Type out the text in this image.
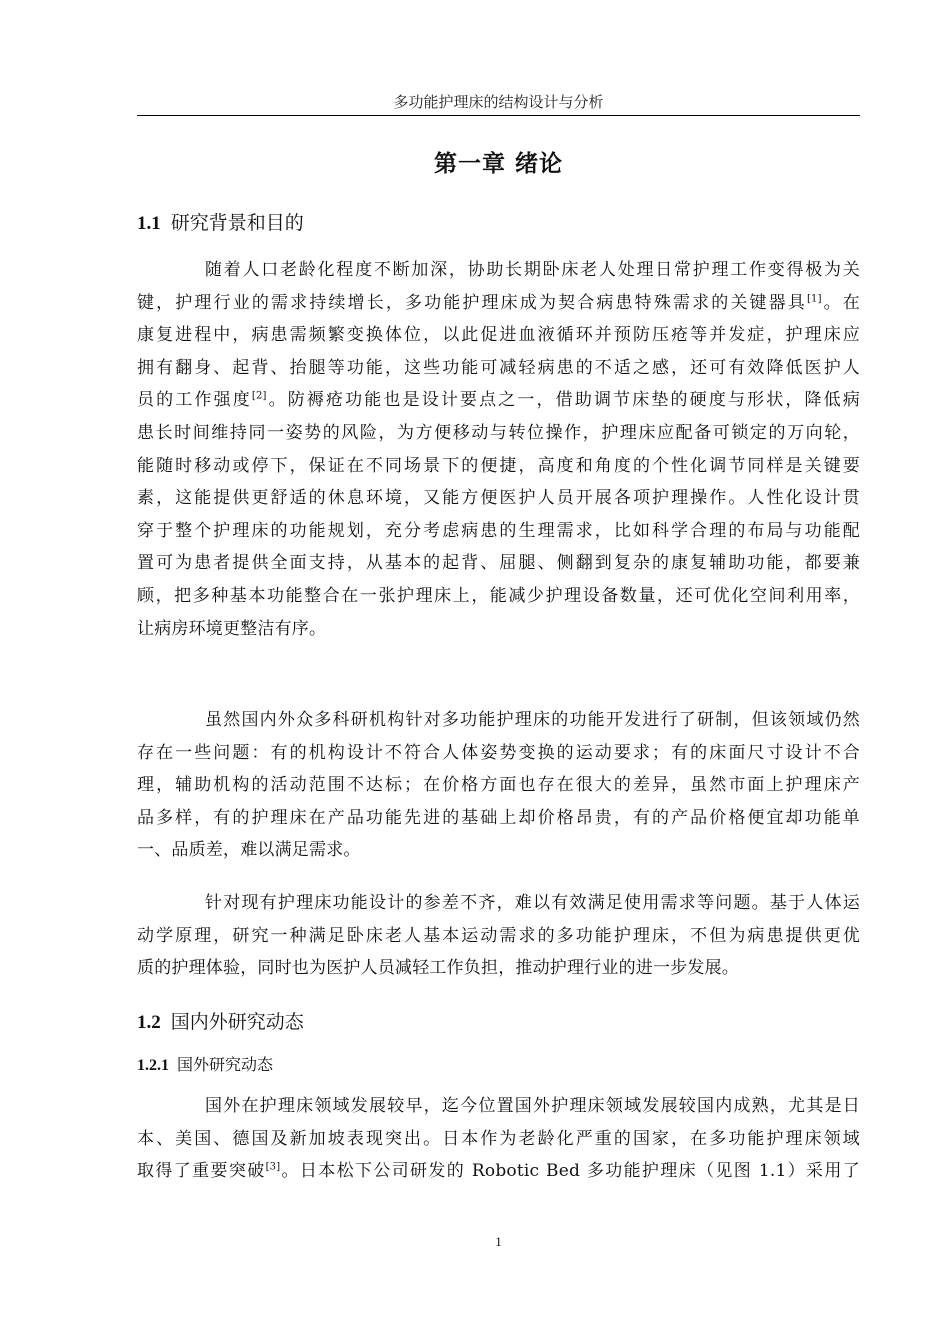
多功能护理床的结构设计与分析
第一章 绪论
1.1 研究背景和目的
随着人口老龄化程度不断加深，协助长期卧床老人处理日常护理工作变得极为关
键，护理行业的需求持续增长，多功能护理床成为契合病患特殊需求的关键器具[1]。在
康复进程中，病患需频繁变换体位，以此促进血液循环并预防压疮等并发症，护理床应
拥有翻身、起背、抬腿等功能，这些功能可减轻病患的不适之感，还可有效降低医护人
员的工作强度[2]。防褥疮功能也是设计要点之一，借助调节床垫的硬度与形状，降低病
患长时间维持同一姿势的风险，为方便移动与转位操作，护理床应配备可锁定的万向轮，
能随时移动或停下，保证在不同场景下的便捷，高度和角度的个性化调节同样是关键要
素，这能提供更舒适的休息环境，又能方便医护人员开展各项护理操作。人性化设计贯
穿于整个护理床的功能规划，充分考虑病患的生理需求，比如科学合理的布局与功能配
置可为患者提供全面支持，从基本的起背、屈腿、侧翻到复杂的康复辅助功能，都要兼
顾，把多种基本功能整合在一张护理床上，能减少护理设备数量，还可优化空间利用率，
让病房环境更整洁有序。
虽然国内外众多科研机构针对多功能护理床的功能开发进行了研制，但该领域仍然
存在一些问题：有的机构设计不符合人体姿势变换的运动要求；有的床面尺寸设计不合
理，辅助机构的活动范围不达标；在价格方面也存在很大的差异，虽然市面上护理床产
品多样，有的护理床在产品功能先进的基础上却价格昂贵，有的产品价格便宜却功能单
一、品质差，难以满足需求。
针对现有护理床功能设计的参差不齐，难以有效满足使用需求等问题。基于人体运
动学原理，研究一种满足卧床老人基本运动需求的多功能护理床，不但为病患提供更优
质的护理体验，同时也为医护人员减轻工作负担，推动护理行业的进一步发展。
1.2 国内外研究动态
1.2.1 国外研究动态
国外在护理床领域发展较早，迄今位置国外护理床领域发展较国内成熟，尤其是日
本、美国、德国及新加坡表现突出。日本作为老龄化严重的国家，在多功能护理床领域
取得了重要突破[3]。日本松下公司研发的 Robotic Bed 多功能护理床（见图 1.1）采用了
1
